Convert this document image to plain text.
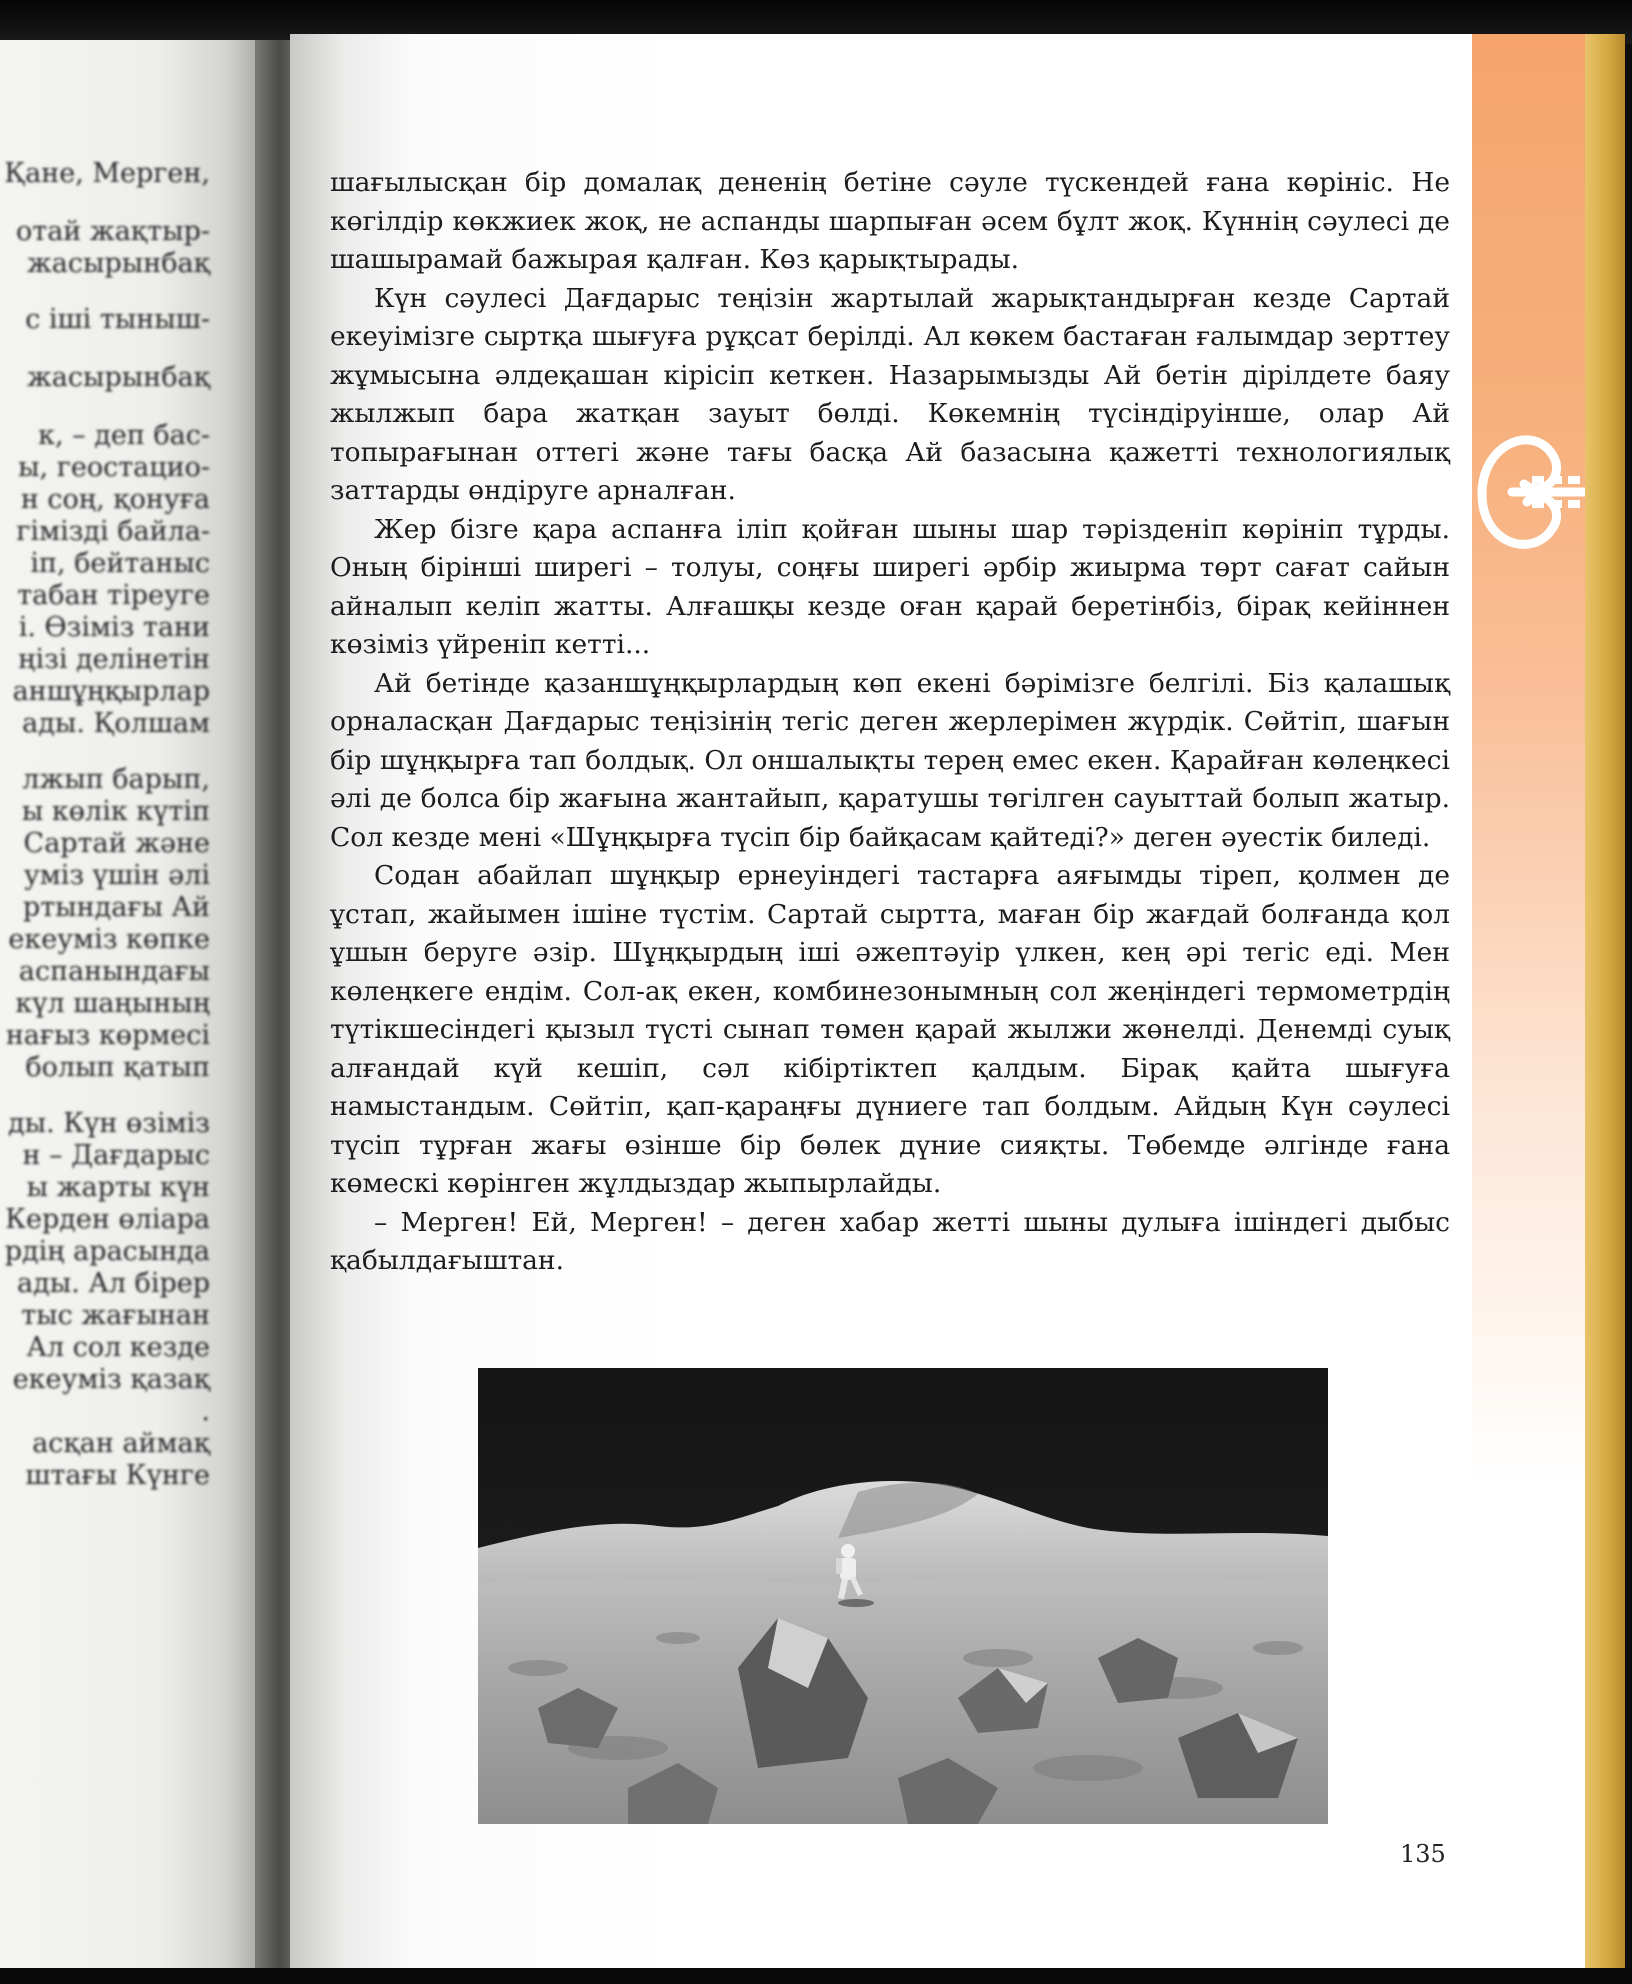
Қане, Мерген,
отай жақтыр-
жасырынбақ
с іші тыныш-
жасырынбақ
к, – деп бас-
ы, геостацио-
н соң, қонуға
гімізді байла-
іп, бейтаныс
табан тіреуге
і. Өзіміз тани
ңізі делінетін
аншұңқырлар
ады. Қолшам
лжып барып,
ы көлік күтіп
Сартай және
уміз үшін әлі
ртындағы Ай
екеуміз көпке
аспанындағы
күл шаңының
нағыз көрмесі
болып қатып
ды. Күн өзіміз
н – Дағдарыс
ы жарты күн
Керден өліара
рдің арасында
ады. Ал бірер
тыс жағынан
Ал сол кезде
екеуміз қазақ
.
асқан аймақ
штағы Күнге

шағылысқан бір домалақ дененің бетіне сәуле түскендей ғана көрініс. Не көгілдір көкжиек жоқ, не аспанды шарпыған әсем бұлт жоқ. Күннің сәулесі де шашырамай бажырая қалған. Көз қарықтырады.

Күн сәулесі Дағдарыс теңізін жартылай жарықтандырған кезде Сартай екеуімізге сыртқа шығуға рұқсат берілді. Ал көкем бастаған ғалымдар зерттеу жұмысына әлдеқашан кірісіп кеткен. Назарымызды Ай бетін дірілдете баяу жылжып бара жатқан зауыт бөлді. Көкемнің түсіндіруінше, олар Ай топырағынан оттегі және тағы басқа Ай базасына қажетті технологиялық заттарды өндіруге арналған.

Жер бізге қара аспанға іліп қойған шыны шар тәрізденіп көрініп тұрды. Оның бірінші ширегі – толуы, соңғы ширегі әрбір жиырма төрт сағат сайын айналып келіп жатты. Алғашқы кезде оған қарай беретінбіз, бірақ кейіннен көзіміз үйреніп кетті...

Ай бетінде қазаншұңқырлардың көп екені бәрімізге белгілі. Біз қалашық орналасқан Дағдарыс теңізінің тегіс деген жерлерімен жүрдік. Сөйтіп, шағын бір шұңқырға тап болдық. Ол оншалықты терең емес екен. Қарайған көлеңкесі әлі де болса бір жағына жантайып, қаратушы төгілген сауыттай болып жатыр. Сол кезде мені «Шұңқырға түсіп бір байқасам қайтеді?» деген әуестік биледі.

Содан абайлап шұңқыр ернеуіндегі тастарға аяғымды тіреп, қолмен де ұстап, жайымен ішіне түстім. Сартай сыртта, маған бір жағдай болғанда қол ұшын беруге әзір. Шұңқырдың іші әжептәуір үлкен, кең әрі тегіс еді. Мен көлеңкеге ендім. Сол-ақ екен, комбинезонымның сол жеңіндегі термометрдің түтікшесіндегі қызыл түсті сынап төмен қарай жылжи жөнелді. Денемді суық алғандай күй кешіп, сәл кібіртіктеп қалдым. Бірақ қайта шығуға намыстандым. Сөйтіп, қап-қараңғы дүниеге тап болдым. Айдың Күн сәулесі түсіп тұрған жағы өзінше бір бөлек дүние сияқты. Төбемде әлгінде ғана көмескі көрінген жұлдыздар жыпырлайды.

– Мерген! Ей, Мерген! – деген хабар жетті шыны дулыға ішіндегі дыбыс қабылдағыштан.

135
